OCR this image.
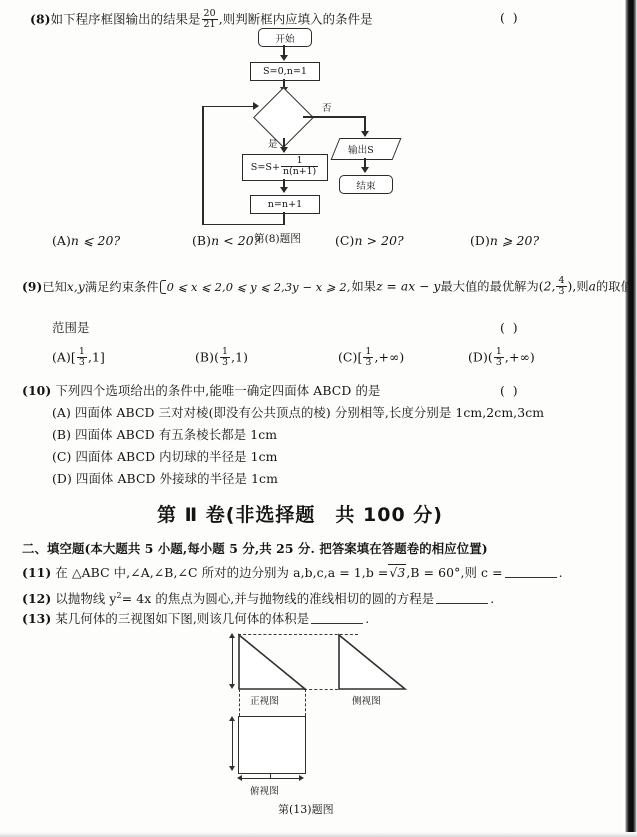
(8)如下程序框图输出的结果是 $\frac{20}{21}$ ,则判断框内应填入的条件是	( )
开始
S=0,n=1
是
否
$S=S+ \frac{1}{n(n+1)}$
n=n+1
输出S
结束
第(8)题图
(A)n ⩽ 20?	(B)n < 20?	(C)n > 20?	(D)n ⩾ 20?
(9)已知x,y满足约束条件 0 ⩽ x ⩽ 2,0 ⩽ y ⩽ 2,3y − x ⩾ 2,如果z = ax − y最大值的最优解为(2, $\frac{4}{3}$ ),则a的取值
范围是	( )
$(A)[ \frac{1}{3} ,1]$	$(B)( \frac{1}{3} ,1)$	$(C)[ \frac{1}{3}$ ,+∞)	$(D)( \frac{1}{3}$ ,+∞)
(10) 下列四个选项给出的条件中,能唯一确定四面体 ABCD 的是	( )
(A) 四面体 ABCD 三对对棱(即没有公共顶点的棱) 分别相等,长度分别是 1cm,2cm,3cm
(B) 四面体 ABCD 有五条棱长都是 1cm
(C) 四面体 ABCD 内切球的半径是 1cm
(D) 四面体 ABCD 外接球的半径是 1cm
第 Ⅱ 卷(非选择题　共 100 分)
二、填空题(本大题共 5 小题,每小题 5 分,共 25 分. 把答案填在答题卷的相应位置)
(11) 在 △ABC 中,∠A,∠B,∠C 所对的边分别为 a,b,c,a = 1,b =√3,B = 60°,则 c =	.
(12) 以抛物线 $y^2= 4x$ 的焦点为圆心,并与抛物线的准线相切的圆的方程是	.
(13) 某几何体的三视图如下图,则该几何体的体积是	.
正视图	侧视图
俯视图
第(13)题图
